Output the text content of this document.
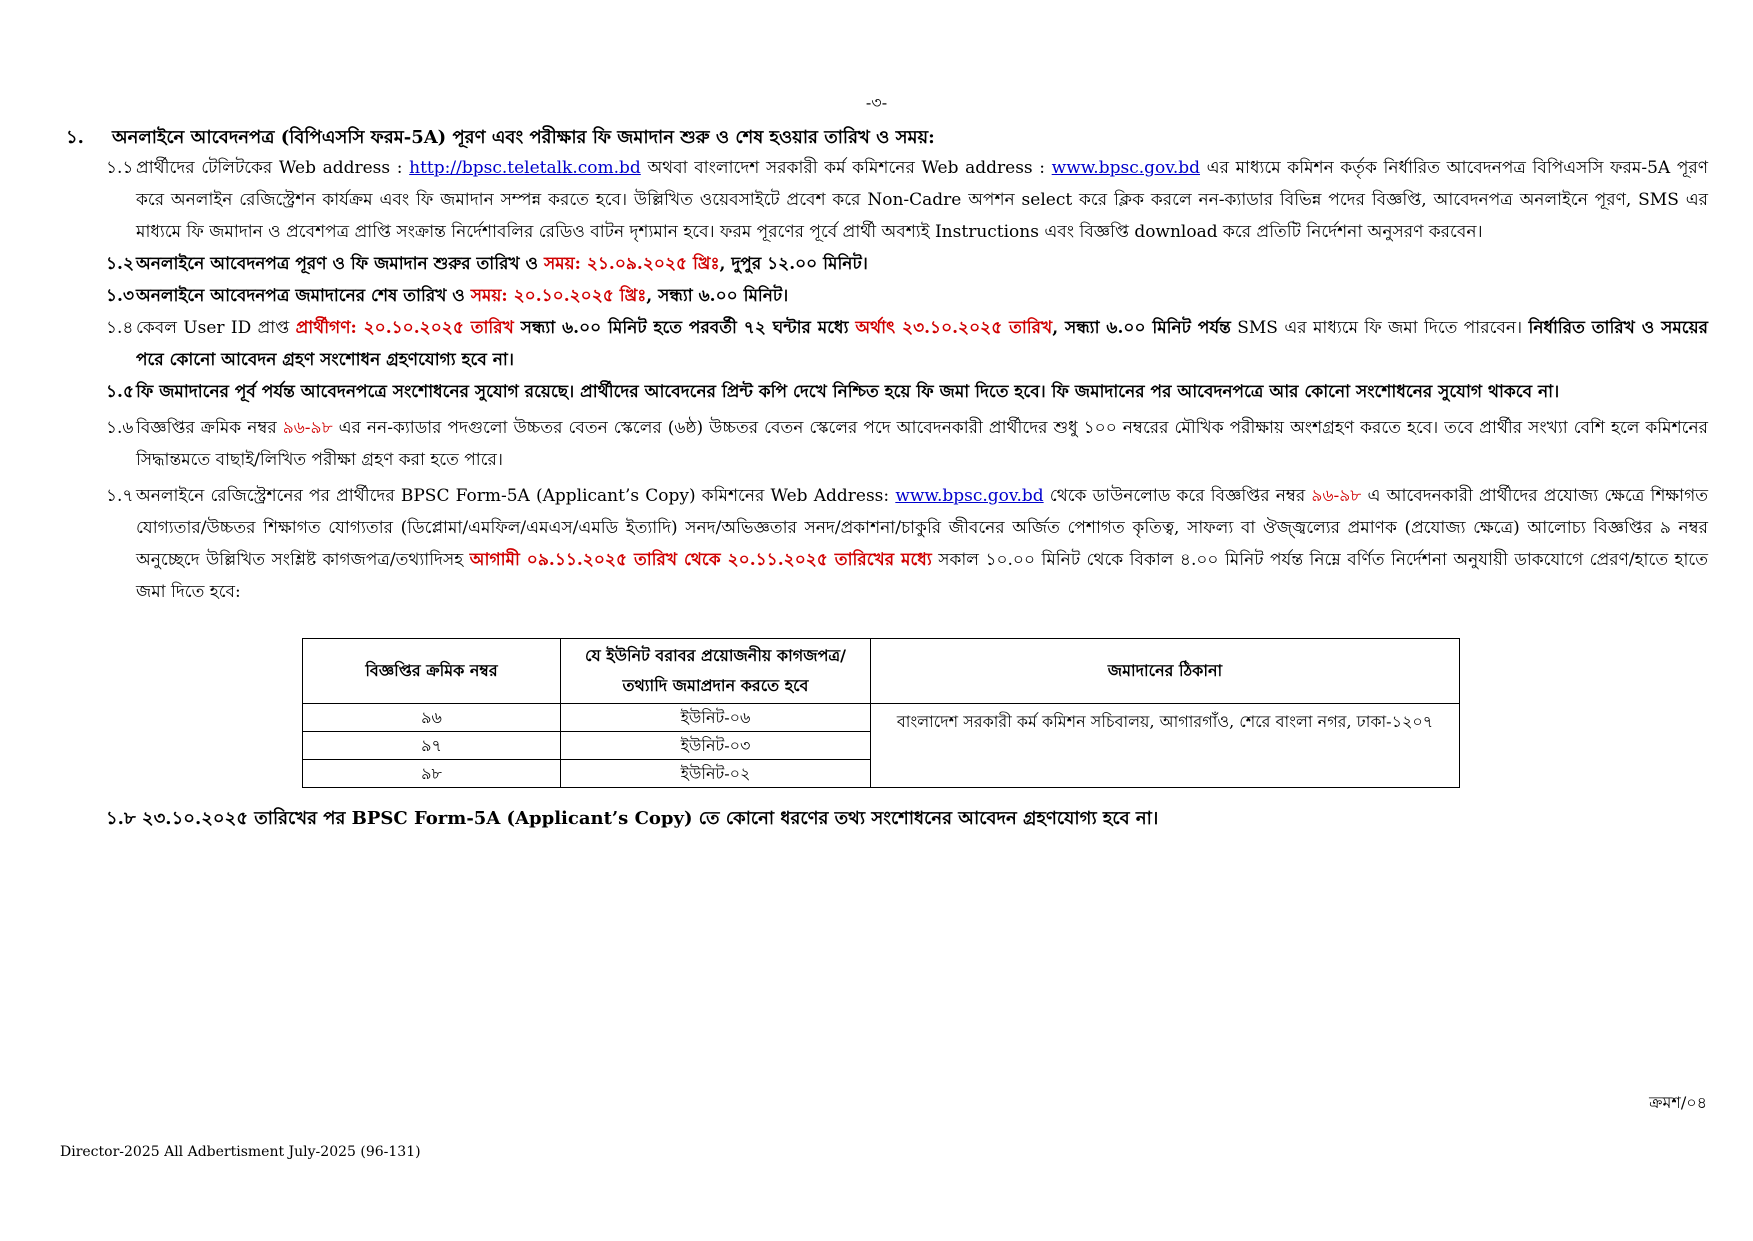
-৩-
১.	অনলাইনে আবেদনপত্র (বিপিএসসি ফরম-5A) পূরণ এবং পরীক্ষার ফি জমাদান শুরু ও শেষ হওয়ার তারিখ ও সময়:
১.১ প্রার্থীদের টেলিটকের Web address : http://bpsc.teletalk.com.bd অথবা বাংলাদেশ সরকারী কর্ম কমিশনের Web address : www.bpsc.gov.bd এর মাধ্যমে কমিশন কর্তৃক নির্ধারিত আবেদনপত্র বিপিএসসি ফরম-5A পূরণ করে অনলাইন রেজিস্ট্রেশন কার্যক্রম এবং ফি জমাদান সম্পন্ন করতে হবে। উল্লিখিত ওয়েবসাইটে প্রবেশ করে Non-Cadre অপশন select করে ক্লিক করলে নন-ক্যাডার বিভিন্ন পদের বিজ্ঞপ্তি, আবেদনপত্র অনলাইনে পূরণ, SMS এর মাধ্যমে ফি জমাদান ও প্রবেশপত্র প্রাপ্তি সংক্রান্ত নির্দেশাবলির রেডিও বাটন দৃশ্যমান হবে। ফরম পূরণের পূর্বে প্রার্থী অবশ্যই Instructions এবং বিজ্ঞপ্তি download করে প্রতিটি নির্দেশনা অনুসরণ করবেন।
১.২ অনলাইনে আবেদনপত্র পূরণ ও ফি জমাদান শুরুর তারিখ ও সময়: ২১.০৯.২০২৫ খ্রিঃ, দুপুর ১২.০০ মিনিট।
১.৩ অনলাইনে আবেদনপত্র জমাদানের শেষ তারিখ ও সময়: ২০.১০.২০২৫ খ্রিঃ, সন্ধ্যা ৬.০০ মিনিট।
১.৪ কেবল User ID প্রাপ্ত প্রার্থীগণ: ২০.১০.২০২৫ তারিখ সন্ধ্যা ৬.০০ মিনিট হতে পরবর্তী ৭২ ঘন্টার মধ্যে অর্থাৎ ২৩.১০.২০২৫ তারিখ, সন্ধ্যা ৬.০০ মিনিট পর্যন্ত SMS এর মাধ্যমে ফি জমা দিতে পারবেন। নির্ধারিত তারিখ ও সময়ের পরে কোনো আবেদন গ্রহণ সংশোধন গ্রহণযোগ্য হবে না।
১.৫ ফি জমাদানের পূর্ব পর্যন্ত আবেদনপত্রে সংশোধনের সুযোগ রয়েছে। প্রার্থীদের আবেদনের প্রিন্ট কপি দেখে নিশ্চিত হয়ে ফি জমা দিতে হবে। ফি জমাদানের পর আবেদনপত্রে আর কোনো সংশোধনের সুযোগ থাকবে না।
১.৬ বিজ্ঞপ্তির ক্রমিক নম্বর ৯৬-৯৮ এর নন-ক্যাডার পদগুলো উচ্চতর বেতন স্কেলের (৬ষ্ঠ) উচ্চতর বেতন স্কেলের পদে আবেদনকারী প্রার্থীদের শুধু ১০০ নম্বরের মৌখিক পরীক্ষায় অংশগ্রহণ করতে হবে। তবে প্রার্থীর সংখ্যা বেশি হলে কমিশনের সিদ্ধান্তমতে বাছাই/লিখিত পরীক্ষা গ্রহণ করা হতে পারে।
১.৭ অনলাইনে রেজিস্ট্রেশনের পর প্রার্থীদের BPSC Form-5A (Applicant’s Copy) কমিশনের Web Address: www.bpsc.gov.bd থেকে ডাউনলোড করে বিজ্ঞপ্তির নম্বর ৯৬-৯৮ এ আবেদনকারী প্রার্থীদের প্রযোজ্য ক্ষেত্রে শিক্ষাগত যোগ্যতার/উচ্চতর শিক্ষাগত যোগ্যতার (ডিপ্লোমা/এমফিল/এমএস/এমডি ইত্যাদি) সনদ/অভিজ্ঞতার সনদ/প্রকাশনা/চাকুরি জীবনের অর্জিত পেশাগত কৃতিত্ব, সাফল্য বা ঔজ্জ্বল্যের প্রমাণক (প্রযোজ্য ক্ষেত্রে) আলোচ্য বিজ্ঞপ্তির ৯ নম্বর অনুচ্ছেদে উল্লিখিত সংশ্লিষ্ট কাগজপত্র/তথ্যাদিসহ আগামী ০৯.১১.২০২৫ তারিখ থেকে ২০.১১.২০২৫ তারিখের মধ্যে সকাল ১০.০০ মিনিট থেকে বিকাল ৪.০০ মিনিট পর্যন্ত নিম্নে বর্ণিত নির্দেশনা অনুযায়ী ডাকযোগে প্রেরণ/হাতে হাতে জমা দিতে হবে:
বিজ্ঞপ্তির ক্রমিক নম্বর	যে ইউনিট বরাবর প্রয়োজনীয় কাগজপত্র/তথ্যাদি জমাপ্রদান করতে হবে	জমাদানের ঠিকানা
৯৬	ইউনিট-০৬	বাংলাদেশ সরকারী কর্ম কমিশন সচিবালয়, আগারগাঁও, শেরে বাংলা নগর, ঢাকা-১২০৭
৯৭	ইউনিট-০৩	
৯৮	ইউনিট-০২	
১.৮ ২৩.১০.২০২৫ তারিখের পর BPSC Form-5A (Applicant’s Copy) তে কোনো ধরণের তথ্য সংশোধনের আবেদন গ্রহণযোগ্য হবে না।
ক্রমশ/০৪
Director-2025 All Adbertisment July-2025 (96-131)
